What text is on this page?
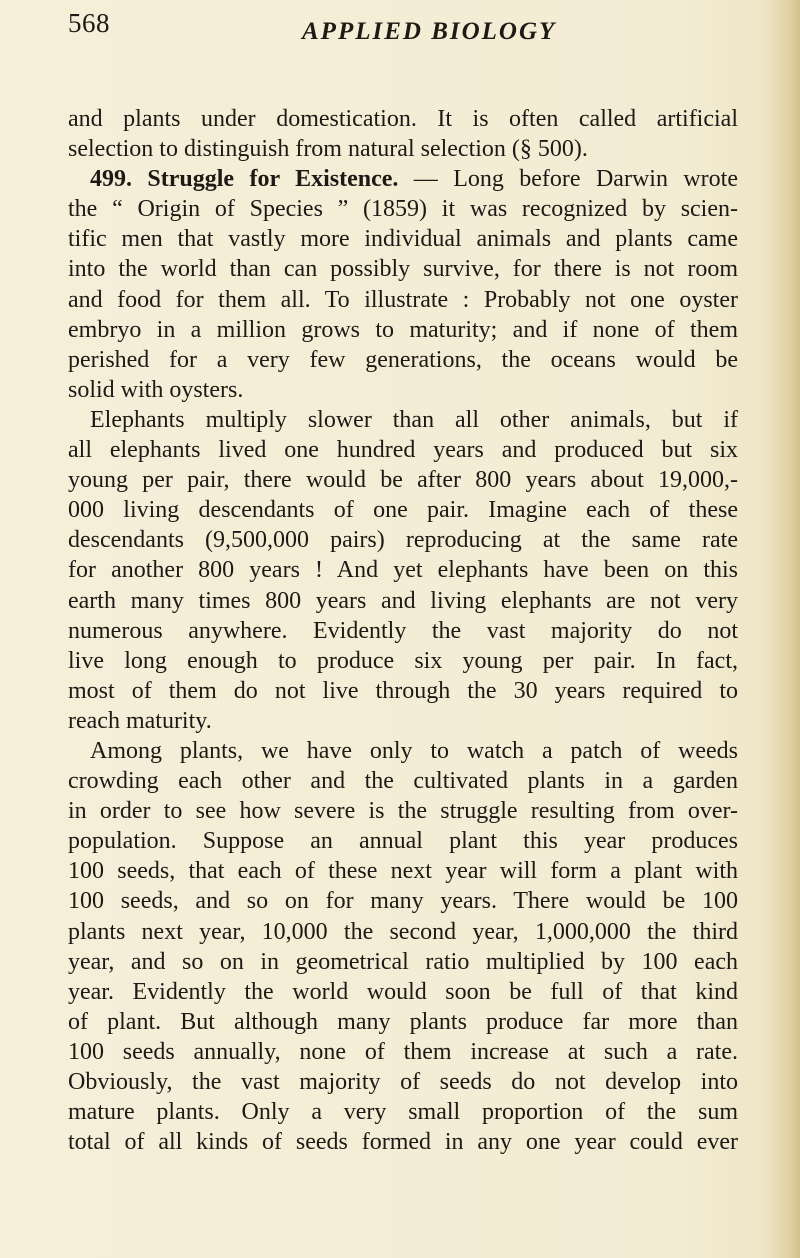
568	APPLIED BIOLOGY
and plants under domestication. It is often called artificial
selection to distinguish from natural selection (§ 500).
499. Struggle for Existence. — Long before Darwin wrote
the “ Origin of Species ” (1859) it was recognized by scien-
tific men that vastly more individual animals and plants came
into the world than can possibly survive, for there is not room
and food for them all. To illustrate : Probably not one oyster
embryo in a million grows to maturity; and if none of them
perished for a very few generations, the oceans would be
solid with oysters.
Elephants multiply slower than all other animals, but if
all elephants lived one hundred years and produced but six
young per pair, there would be after 800 years about 19,000,-
000 living descendants of one pair. Imagine each of these
descendants (9,500,000 pairs) reproducing at the same rate
for another 800 years ! And yet elephants have been on this
earth many times 800 years and living elephants are not very
numerous anywhere. Evidently the vast majority do not
live long enough to produce six young per pair. In fact,
most of them do not live through the 30 years required to
reach maturity.
Among plants, we have only to watch a patch of weeds
crowding each other and the cultivated plants in a garden
in order to see how severe is the struggle resulting from over-
population. Suppose an annual plant this year produces
100 seeds, that each of these next year will form a plant with
100 seeds, and so on for many years. There would be 100
plants next year, 10,000 the second year, 1,000,000 the third
year, and so on in geometrical ratio multiplied by 100 each
year. Evidently the world would soon be full of that kind
of plant. But although many plants produce far more than
100 seeds annually, none of them increase at such a rate.
Obviously, the vast majority of seeds do not develop into
mature plants. Only a very small proportion of the sum
total of all kinds of seeds formed in any one year could ever
